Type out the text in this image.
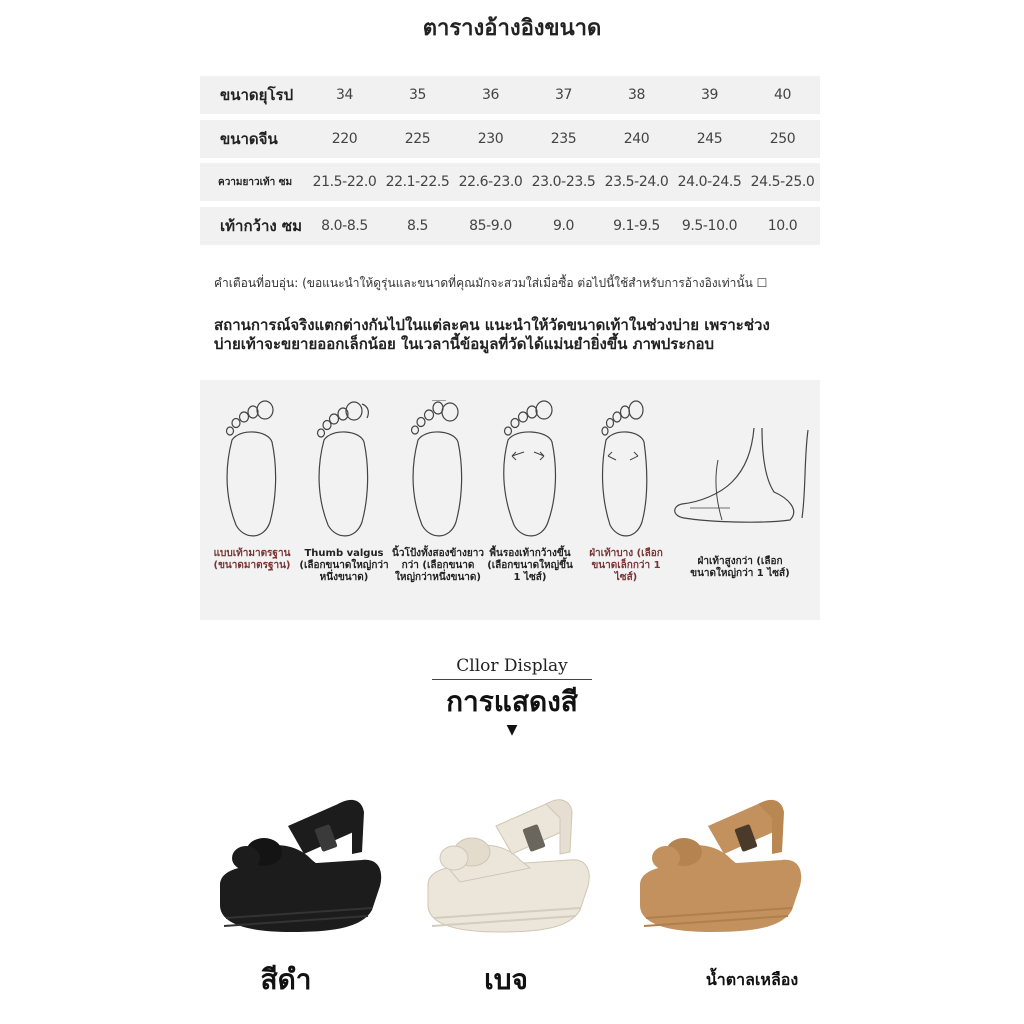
ตารางอ้างอิงขนาด
ขนาดยุโรป	34	35	36	37	38	39	40
ขนาดจีน	220	225	230	235	240	245	250
ความยาวเท้า ซม	21.5-22.0 22.1-22.5 22.6-23.0 23.0-23.5 23.5-24.0 24.0-24.5 24.5-25.0
เท้ากว้าง ซม	8.0-8.5	8.5	85-9.0	9.0	9.1-9.5	9.5-10.0	10.0
คำเตือนที่อบอุ่น: (ขอแนะนำให้ดูรุ่นและขนาดที่คุณมักจะสวมใส่เมื่อซื้อ ต่อไปนี้ใช้สำหรับการอ้างอิงเท่านั้น ☐
สถานการณ์จริงแตกต่างกันไปในแต่ละคน แนะนำให้วัดขนาดเท้าในช่วงบ่าย เพราะช่วง
บ่ายเท้าจะขยายออกเล็กน้อย ในเวลานี้ข้อมูลที่วัดได้แม่นยำยิ่งขึ้น ภาพประกอบ
แบบเท้ามาตรฐาน (ขนาดมาตรฐาน)
Thumb valgus (เลือกขนาดใหญ่กว่าหนึ่งขนาด)
นิ้วโป้งทั้งสองข้างยาวกว่า (เลือกขนาดใหญ่กว่าหนึ่งขนาด)
พื้นรองเท้ากว้างขึ้น (เลือกขนาดใหญ่ขึ้น 1 ไซส์)
ฝ่าเท้าบาง (เลือกขนาดเล็กกว่า 1 ไซส์)
ฝ่าเท้าสูงกว่า (เลือกขนาดใหญ่กว่า 1 ไซส์)
Cllor Display
การแสดงสี
▼
สีดำ	เบจ	น้ำตาลเหลือง
